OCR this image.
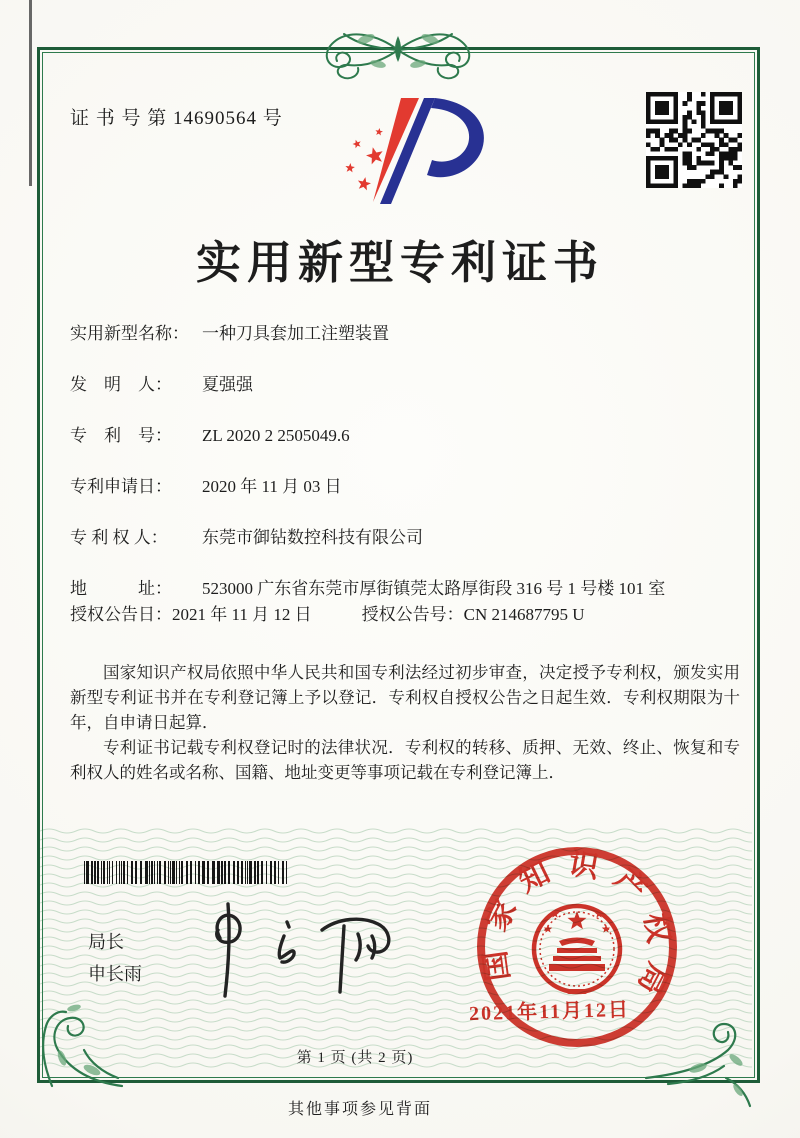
证 书 号 第 14690564 号
实用新型专利证书
实用新型名称： 一种刀具套加工注塑装置
发　明　人：	夏强强
专　利　号：	ZL 2020 2 2505049.6
专利申请日：	2020 年 11 月 03 日
专 利 权 人：	东莞市御钻数控科技有限公司
地　　　址：	523000 广东省东莞市厚街镇莞太路厚街段 316 号 1 号楼 101 室
授权公告日： 2021 年 11 月 12 日	授权公告号： CN 214687795 U

国家知识产权局依照中华人民共和国专利法经过初步审查，决定授予专利权，颁发实用新型专利证书并在专利登记簿上予以登记．专利权自授权公告之日起生效．专利权期限为十年，自申请日起算．

专利证书记载专利权登记时的法律状况．专利权的转移、质押、无效、终止、恢复和专利权人的姓名或名称、国籍、地址变更等事项记载在专利登记簿上．

局长
申长雨	国家知识产权局
2021年11月12日
第 1 页 (共 2 页)
其他事项参见背面
